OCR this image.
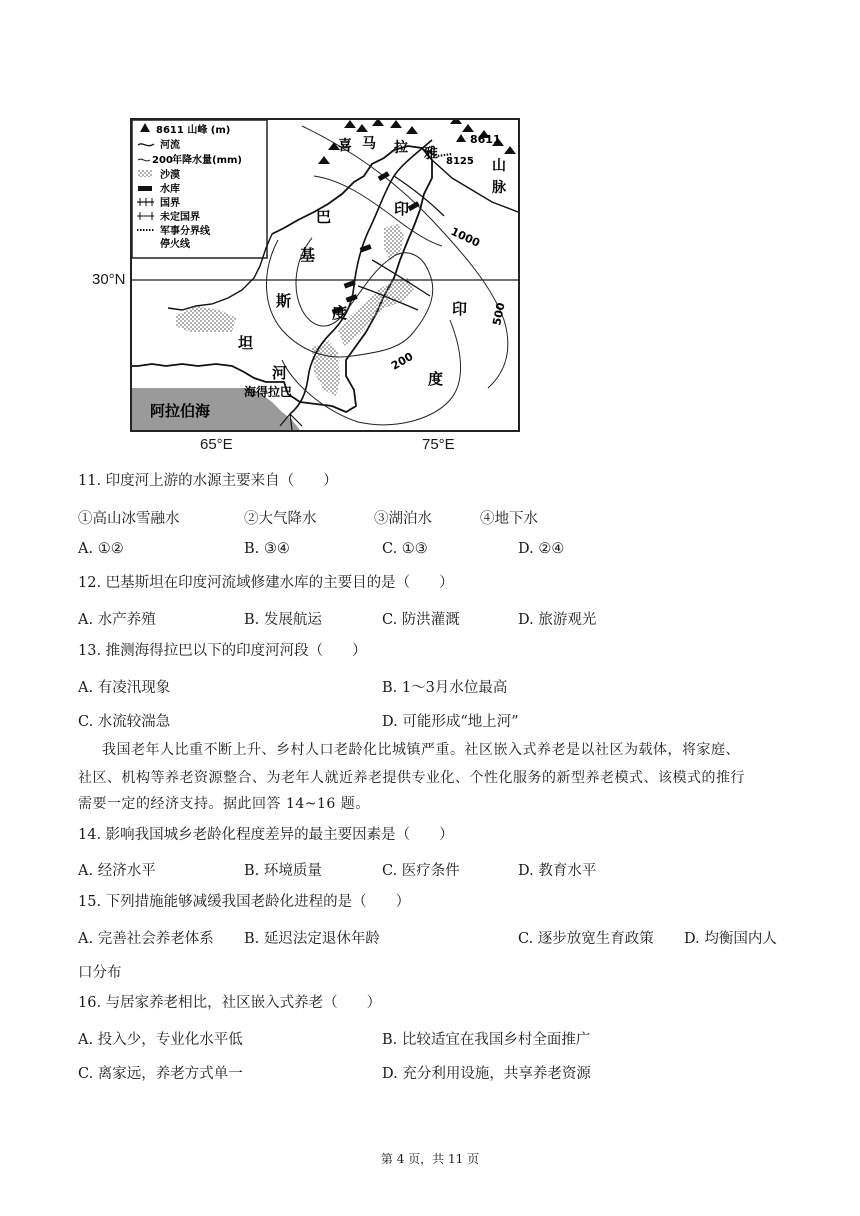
8611 山峰 (m)
河流
200 年降水量(mm)
沙漠
水库
国界
未定国界
军事分界线
停火线
8611
8125
喜 马 拉 雅
山
脉
巴
基
斯
坦
印
度
河
印
度
海得拉巴
阿拉伯海
1000
500
200
30°N
65°E	75°E
11. 印度河上游的水源主要来自（　　）
①高山冰雪融水	②大气降水	③湖泊水	④地下水
A. ①②	B. ③④	C. ①③	D. ②④
12. 巴基斯坦在印度河流域修建水库的主要目的是（　　）
A. 水产养殖	B. 发展航运	C. 防洪灌溉	D. 旅游观光
13. 推测海得拉巴以下的印度河河段（　　）
A. 有凌汛现象	B. 1～3月水位最高
C. 水流较湍急	D. 可能形成“地上河”
我国老年人比重不断上升、乡村人口老龄化比城镇严重。社区嵌入式养老是以社区为载体，将家庭、
社区、机构等养老资源整合、为老年人就近养老提供专业化、个性化服务的新型养老模式、该模式的推行
需要一定的经济支持。据此回答 14~16 题。
14. 影响我国城乡老龄化程度差异的最主要因素是（　　）
A. 经济水平	B. 环境质量	C. 医疗条件	D. 教育水平
15. 下列措施能够减缓我国老龄化进程的是（　　）
A. 完善社会养老体系 B. 延迟法定退休年龄	C. 逐步放宽生育政策 D. 均衡国内人
口分布
16. 与居家养老相比，社区嵌入式养老（　　）
A. 投入少，专业化水平低	B. 比较适宜在我国乡村全面推广
C. 离家远，养老方式单一	D. 充分利用设施，共享养老资源
第 4 页，共 11 页
